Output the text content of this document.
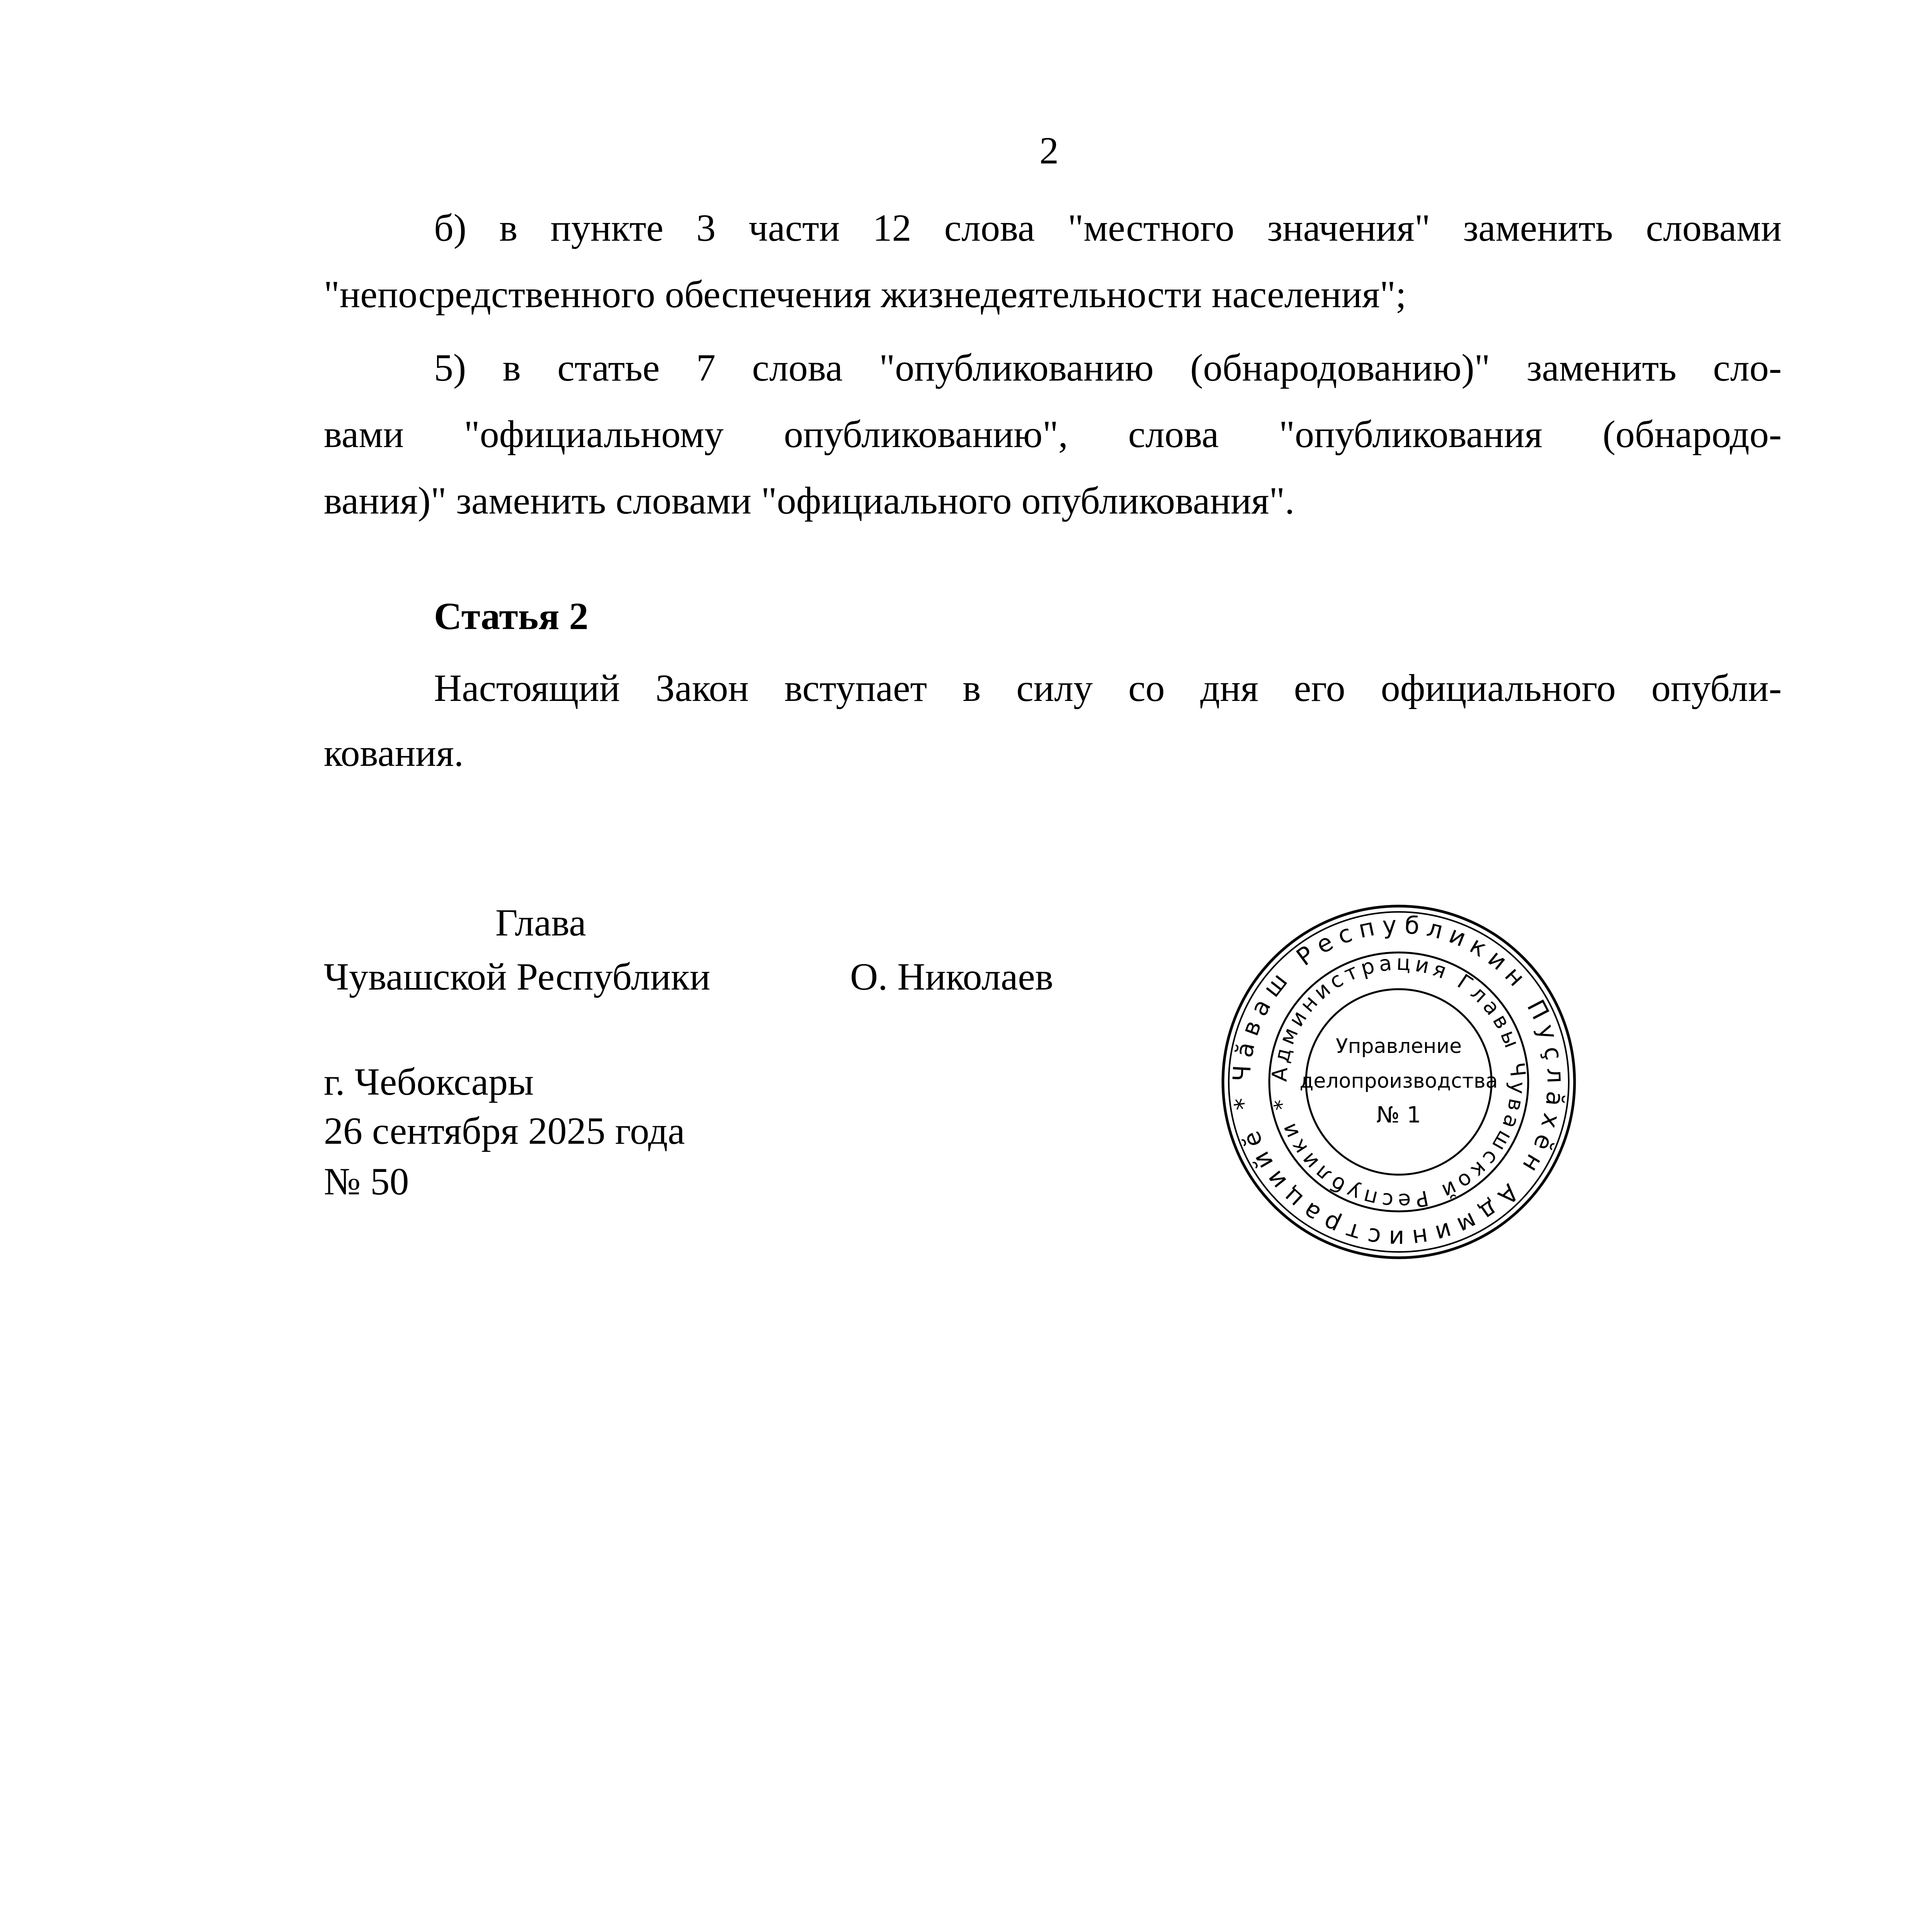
2
б) в пункте 3 части 12 слова "местного значения" заменить словами
"непосредственного обеспечения жизнедеятельности населения";
5) в статье 7 слова "опубликованию (обнародованию)" заменить сло-
вами "официальному опубликованию", слова "опубликования (обнародо-
вания)" заменить словами "официального опубликования".
Статья 2
Настоящий Закон вступает в силу со дня его официального опубли-
кования.
Глава
Чувашской Республики	О. Николаев
г. Чебоксары
26 сентября 2025 года
№ 50
Чăваш Республикин Пуçлăхĕн Администрацийĕ *
Администрация Главы Чувашской Республики *
Управление
делопроизводства
№ 1
